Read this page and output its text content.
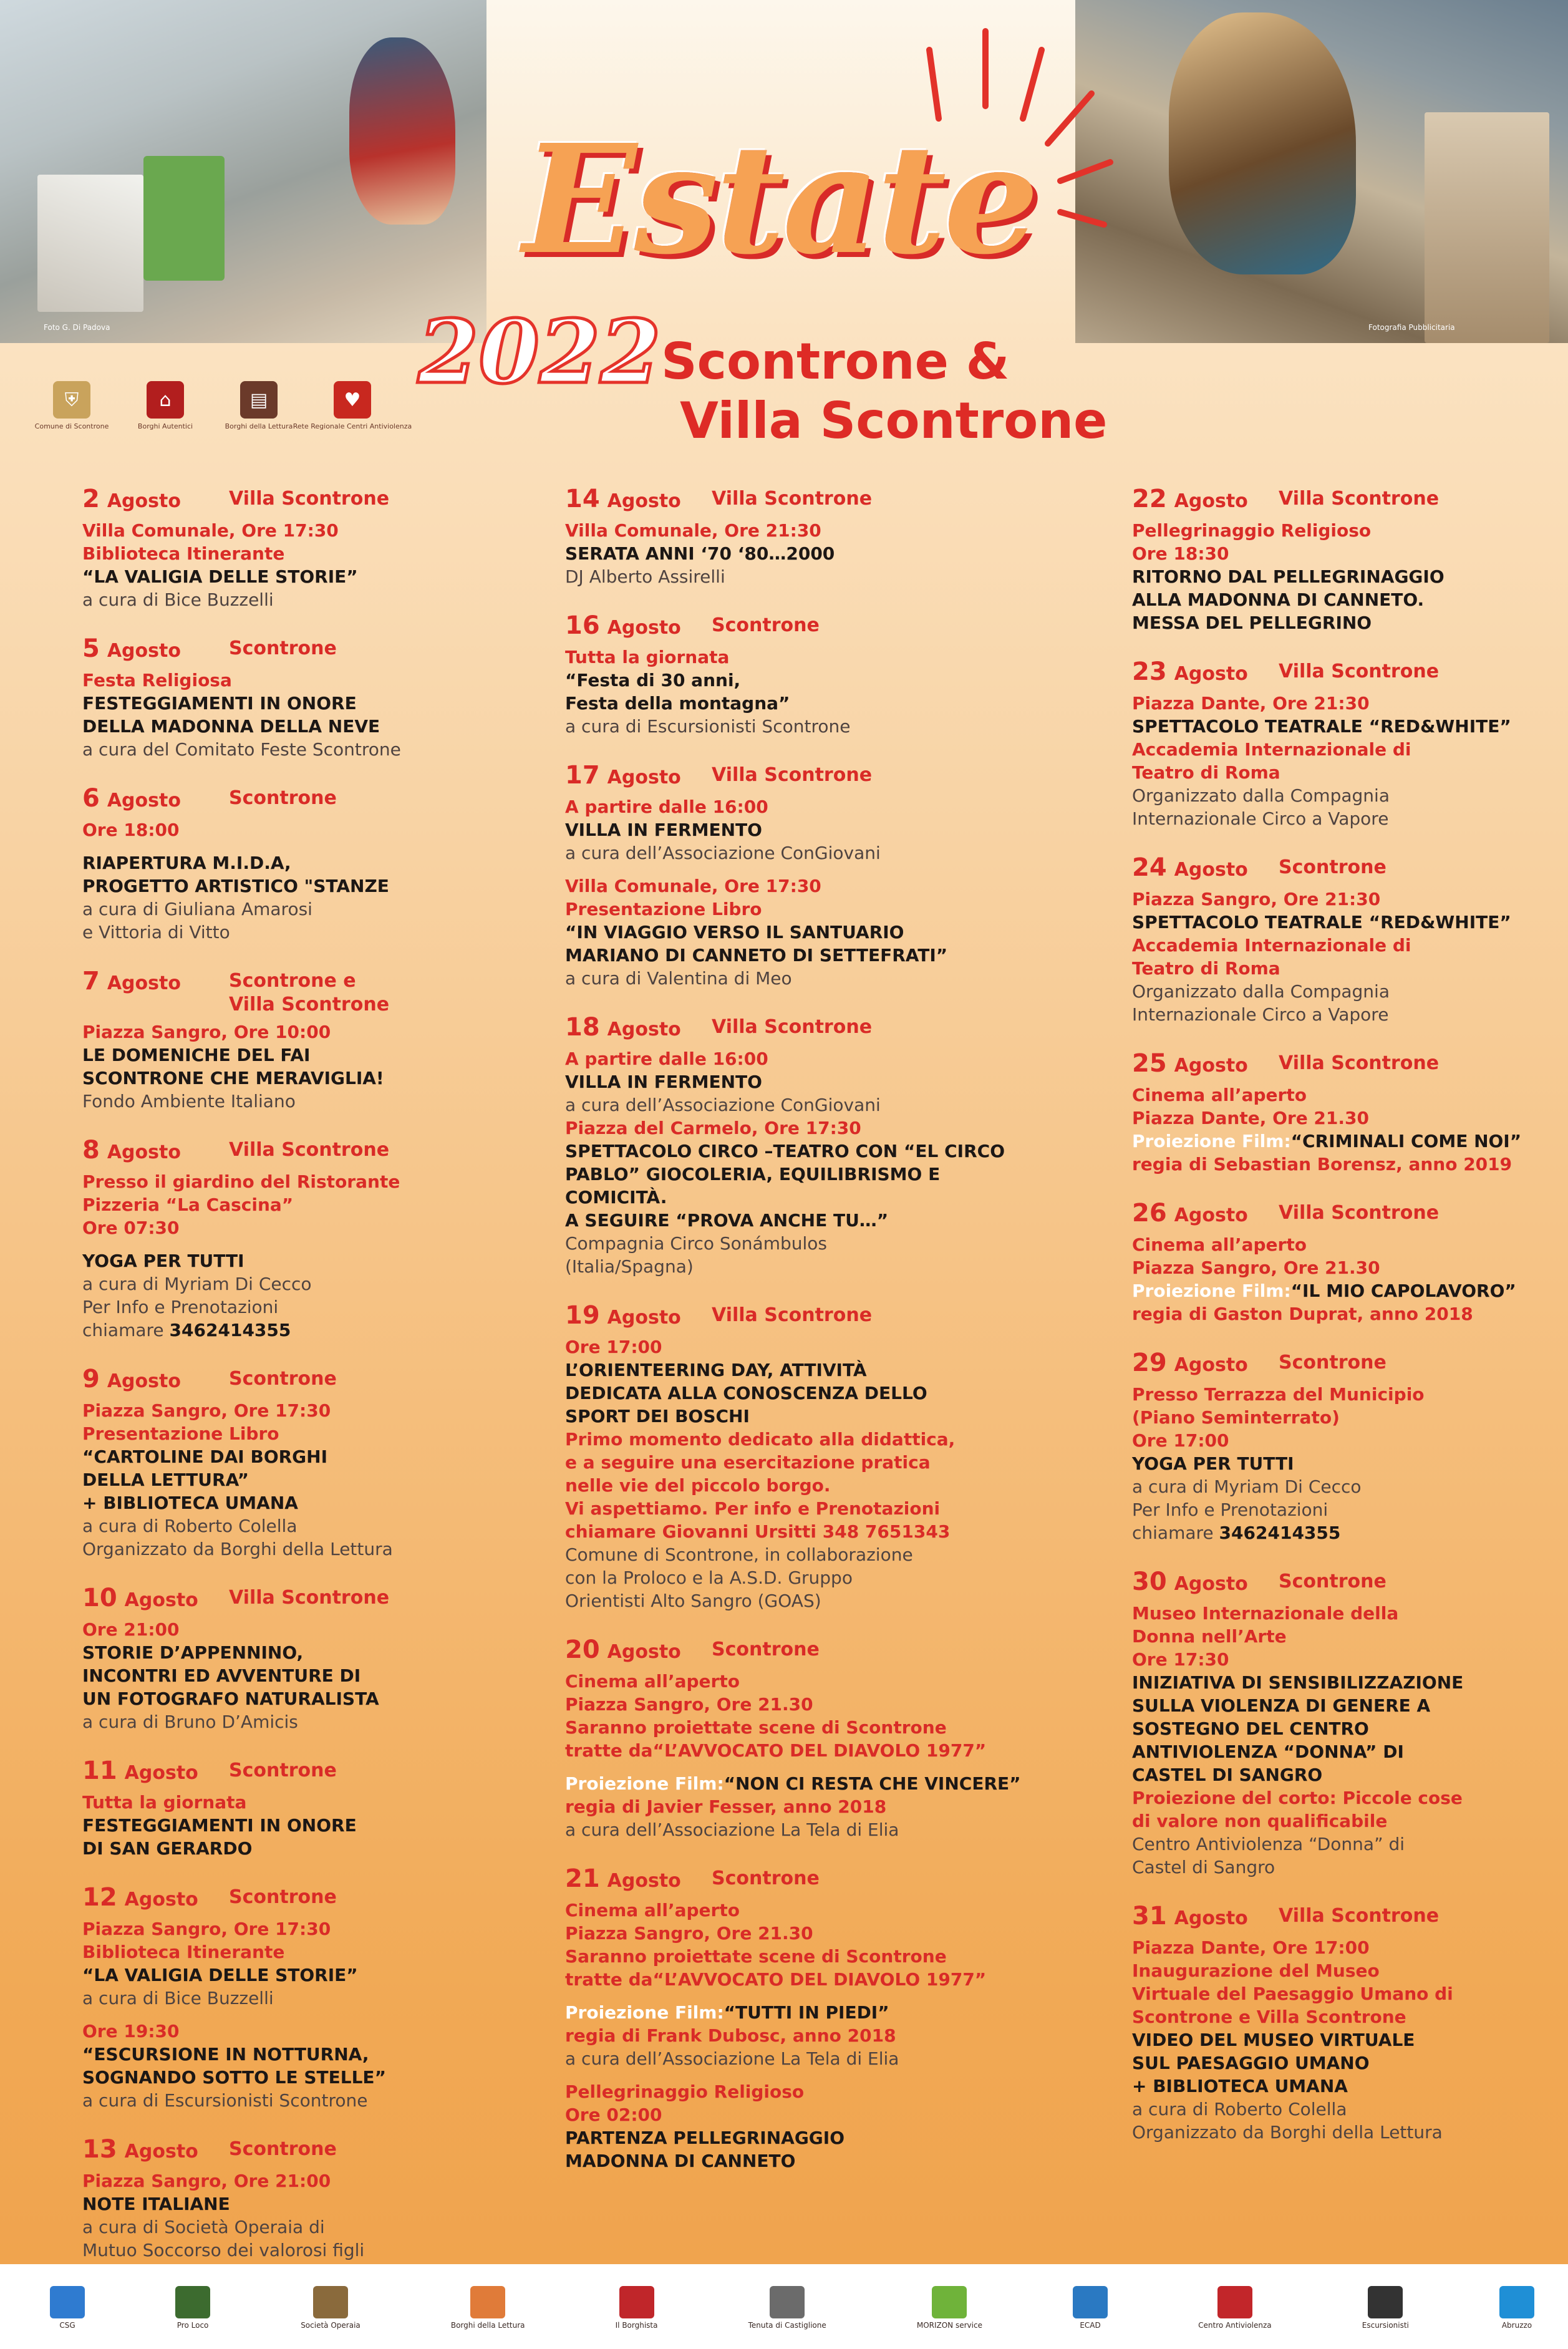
Foto G. Di Padova	Fotografia Pubblicitaria
Estate
2022 Scontrone &
Villa Scontrone
⛨
Comune di Scontrone
⌂
Borghi Autentici
▤
Borghi della Lettura
♥
Rete Regionale Centri Antiviolenza
2 Agosto	Villa Scontrone
Villa Comunale, Ore 17:30
Biblioteca Itinerante
“LA VALIGIA DELLE STORIE”
a cura di Bice Buzzelli
5 Agosto	Scontrone
Festa Religiosa
FESTEGGIAMENTI IN ONORE
DELLA MADONNA DELLA NEVE
a cura del Comitato Feste Scontrone
6 Agosto	Scontrone
Ore 18:00
RIAPERTURA M.I.D.A,
PROGETTO ARTISTICO "STANZE
a cura di Giuliana Amarosi
e Vittoria di Vitto
7 Agosto	Scontrone e
Villa Scontrone
Piazza Sangro, Ore 10:00
LE DOMENICHE DEL FAI
SCONTRONE CHE MERAVIGLIA!
Fondo Ambiente Italiano
8 Agosto	Villa Scontrone
Presso il giardino del Ristorante
Pizzeria “La Cascina”
Ore 07:30
YOGA PER TUTTI
a cura di Myriam Di Cecco
Per Info e Prenotazioni
chiamare 3462414355
9 Agosto	Scontrone
Piazza Sangro, Ore 17:30
Presentazione Libro
“CARTOLINE DAI BORGHI
DELLA LETTURA”
+ BIBLIOTECA UMANA
a cura di Roberto Colella
Organizzato da Borghi della Lettura
10 Agosto Villa Scontrone
Ore 21:00
STORIE D’APPENNINO,
INCONTRI ED AVVENTURE DI
UN FOTOGRAFO NATURALISTA
a cura di Bruno D’Amicis
11 Agosto Scontrone
Tutta la giornata
FESTEGGIAMENTI IN ONORE
DI SAN GERARDO
12 Agosto Scontrone
Piazza Sangro, Ore 17:30
Biblioteca Itinerante
“LA VALIGIA DELLE STORIE”
a cura di Bice Buzzelli
Ore 19:30
“ESCURSIONE IN NOTTURNA,
SOGNANDO SOTTO LE STELLE”
a cura di Escursionisti Scontrone
13 Agosto Scontrone
Piazza Sangro, Ore 21:00
NOTE ITALIANE
a cura di Società Operaia di
Mutuo Soccorso dei valorosi figli
14 Agosto Villa Scontrone
Villa Comunale, Ore 21:30
SERATA ANNI ‘70 ‘80…2000
DJ Alberto Assirelli
16 Agosto Scontrone
Tutta la giornata
“Festa di 30 anni,
Festa della montagna”
a cura di Escursionisti Scontrone
17 Agosto Villa Scontrone
A partire dalle 16:00
VILLA IN FERMENTO
a cura dell’Associazione ConGiovani
Villa Comunale, Ore 17:30
Presentazione Libro
“IN VIAGGIO VERSO IL SANTUARIO
MARIANO DI CANNETO DI SETTEFRATI”
a cura di Valentina di Meo
18 Agosto Villa Scontrone
A partire dalle 16:00
VILLA IN FERMENTO
a cura dell’Associazione ConGiovani
Piazza del Carmelo, Ore 17:30
SPETTACOLO CIRCO –TEATRO CON “EL CIRCO
PABLO” GIOCOLERIA, EQUILIBRISMO E
COMICITÀ.
A SEGUIRE “PROVA ANCHE TU…”
Compagnia Circo Sonámbulos
(Italia/Spagna)
19 Agosto Villa Scontrone
Ore 17:00
L’ORIENTEERING DAY, ATTIVITÀ
DEDICATA ALLA CONOSCENZA DELLO
SPORT DEI BOSCHI
Primo momento dedicato alla didattica,
e a seguire una esercitazione pratica
nelle vie del piccolo borgo.
Vi aspettiamo. Per info e Prenotazioni
chiamare Giovanni Ursitti 348 7651343
Comune di Scontrone, in collaborazione
con la Proloco e la A.S.D. Gruppo
Orientisti Alto Sangro (GOAS)
20 Agosto Scontrone
Cinema all’aperto
Piazza Sangro, Ore 21.30
Saranno proiettate scene di Scontrone
tratte da“L’AVVOCATO DEL DIAVOLO 1977”
Proiezione Film:“NON CI RESTA CHE VINCERE”
regia di Javier Fesser, anno 2018
a cura dell’Associazione La Tela di Elia
21 Agosto Scontrone
Cinema all’aperto
Piazza Sangro, Ore 21.30
Saranno proiettate scene di Scontrone
tratte da“L’AVVOCATO DEL DIAVOLO 1977”
Proiezione Film:“TUTTI IN PIEDI”
regia di Frank Dubosc, anno 2018
a cura dell’Associazione La Tela di Elia
Pellegrinaggio Religioso
Ore 02:00
PARTENZA PELLEGRINAGGIO
MADONNA DI CANNETO
22 Agosto Villa Scontrone
Pellegrinaggio Religioso
Ore 18:30
RITORNO DAL PELLEGRINAGGIO
ALLA MADONNA DI CANNETO.
MESSA DEL PELLEGRINO
23 Agosto Villa Scontrone
Piazza Dante, Ore 21:30
SPETTACOLO TEATRALE “RED&WHITE”
Accademia Internazionale di
Teatro di Roma
Organizzato dalla Compagnia
Internazionale Circo a Vapore
24 Agosto Scontrone
Piazza Sangro, Ore 21:30
SPETTACOLO TEATRALE “RED&WHITE”
Accademia Internazionale di
Teatro di Roma
Organizzato dalla Compagnia
Internazionale Circo a Vapore
25 Agosto Villa Scontrone
Cinema all’aperto
Piazza Dante, Ore 21.30
Proiezione Film:“CRIMINALI COME NOI”
regia di Sebastian Borensz, anno 2019
26 Agosto Villa Scontrone
Cinema all’aperto
Piazza Sangro, Ore 21.30
Proiezione Film:“IL MIO CAPOLAVORO”
regia di Gaston Duprat, anno 2018
29 Agosto Scontrone
Presso Terrazza del Municipio
(Piano Seminterrato)
Ore 17:00
YOGA PER TUTTI
a cura di Myriam Di Cecco
Per Info e Prenotazioni
chiamare 3462414355
30 Agosto Scontrone
Museo Internazionale della
Donna nell’Arte
Ore 17:30
INIZIATIVA DI SENSIBILIZZAZIONE
SULLA VIOLENZA DI GENERE A
SOSTEGNO DEL CENTRO
ANTIVIOLENZA “DONNA” DI
CASTEL DI SANGRO
Proiezione del corto: Piccole cose
di valore non qualificabile
Centro Antiviolenza “Donna” di
Castel di Sangro
31 Agosto Villa Scontrone
Piazza Dante, Ore 17:00
Inaugurazione del Museo
Virtuale del Paesaggio Umano di
Scontrone e Villa Scontrone
VIDEO DEL MUSEO VIRTUALE
SUL PAESAGGIO UMANO
+ BIBLIOTECA UMANA
a cura di Roberto Colella
Organizzato da Borghi della Lettura
CSG	Pro Loco	Società Operaia	Borghi della Lettura	Il Borghista	Tenuta di Castiglione	MORIZON service	ECAD	Centro Antiviolenza	Escursionisti	Abruzzo
